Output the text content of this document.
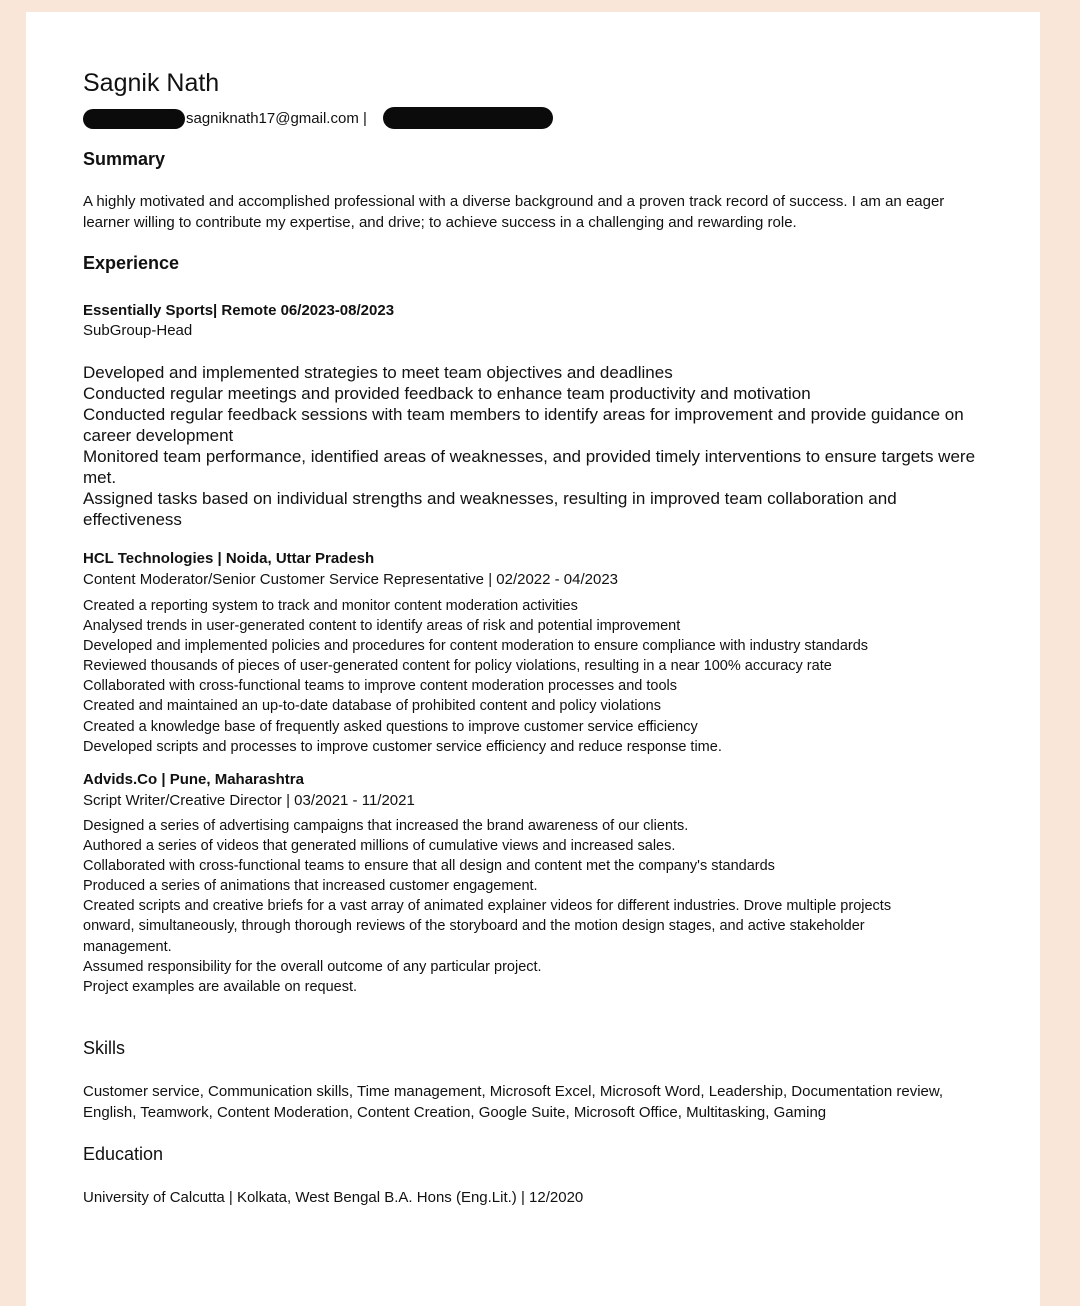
Sagnik Nath
sagniknath17@gmail.com |
Summary
A highly motivated and accomplished professional with a diverse background and a proven track record of success. I am an eager learner willing to contribute my expertise, and drive; to achieve success in a challenging and rewarding role.
Experience
Essentially Sports| Remote 06/2023-08/2023
SubGroup-Head
Developed and implemented strategies to meet team objectives and deadlines
Conducted regular meetings and provided feedback to enhance team productivity and motivation
Conducted regular feedback sessions with team members to identify areas for improvement and provide guidance on    career development
Monitored team performance, identified areas of weaknesses, and provided timely interventions to ensure targets were met.
Assigned tasks based on individual strengths and weaknesses, resulting in improved team collaboration and effectiveness
HCL Technologies | Noida, Uttar Pradesh
Content Moderator/Senior Customer Service Representative | 02/2022 - 04/2023
Created a reporting system to track and monitor content moderation activities
Analysed trends in user-generated content to identify areas of risk and potential improvement
Developed and implemented policies and procedures for content moderation to ensure compliance with industry standards
Reviewed thousands of pieces of user-generated content for policy violations, resulting in a near 100% accuracy rate
Collaborated with cross-functional teams to improve content moderation processes and tools
Created and maintained an up-to-date database of prohibited content and policy violations
Created a knowledge base of frequently asked questions to improve customer service efficiency
Developed scripts and processes to improve customer service efficiency and reduce response time.
Advids.Co | Pune, Maharashtra
Script Writer/Creative Director | 03/2021 - 11/2021
Designed a series of advertising campaigns that increased the brand awareness of our clients.
Authored a series of videos that generated millions of cumulative views and increased sales.
Collaborated with cross-functional teams to ensure that all design and content met the company's standards
Produced a series of animations that increased customer engagement.
Created scripts and creative briefs for a vast array of animated explainer videos for different industries. Drove multiple projects onward, simultaneously, through thorough reviews of the storyboard and the motion design stages, and active stakeholder management.
Assumed responsibility for the overall outcome of any particular project.
Project examples are available on request.
Skills
Customer service, Communication skills, Time management, Microsoft Excel, Microsoft Word, Leadership, Documentation review, English, Teamwork, Content Moderation, Content Creation, Google Suite, Microsoft Office, Multitasking, Gaming
Education
University of Calcutta | Kolkata, West Bengal B.A. Hons (Eng.Lit.) | 12/2020
